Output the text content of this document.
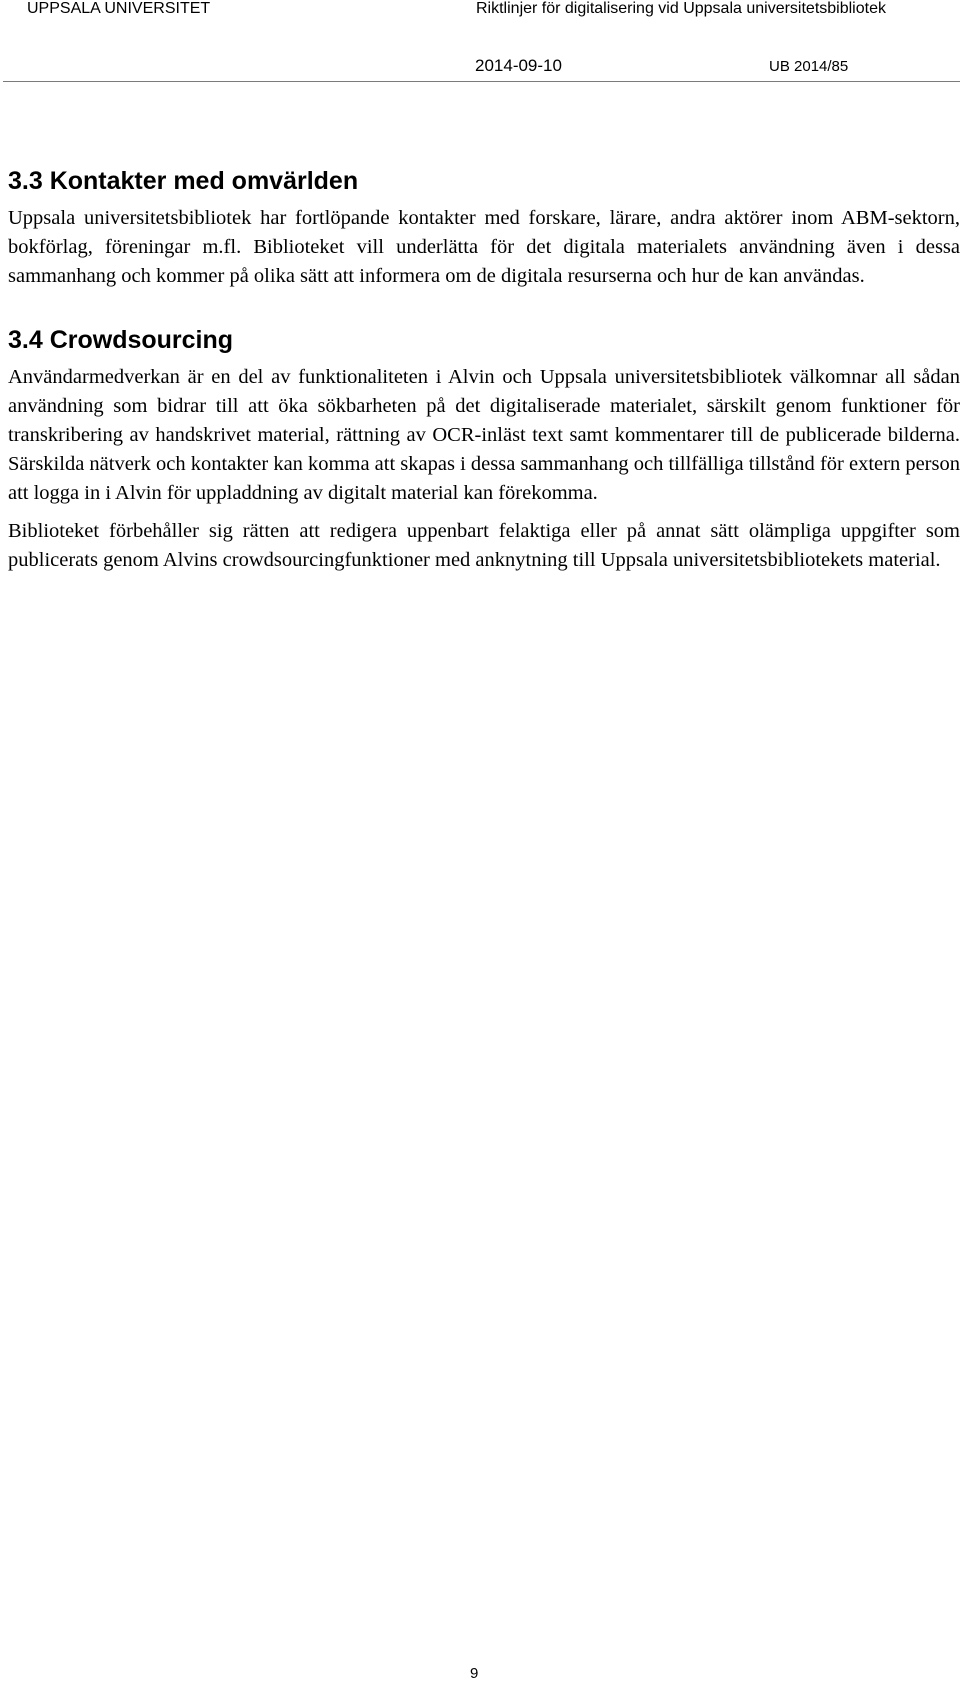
UPPSALA UNIVERSITET	Riktlinjer för digitalisering vid Uppsala universitetsbibliotek
2014-09-10	UB 2014/85
3.3 Kontakter med omvärlden

Uppsala universitetsbibliotek har fortlöpande kontakter med forskare, lärare, andra aktörer inom ABM-sektorn, bokförlag, föreningar m.fl. Biblioteket vill underlätta för det digitala materialets användning även i dessa sammanhang och kommer på olika sätt att informera om de digitala resurserna och hur de kan användas.

3.4 Crowdsourcing

Användarmedverkan är en del av funktionaliteten i Alvin och Uppsala universitetsbibliotek välkomnar all sådan användning som bidrar till att öka sökbarheten på det digitaliserade materialet, särskilt genom funktioner för transkribering av handskrivet material, rättning av OCR-inläst text samt kommentarer till de publicerade bilderna. Särskilda nätverk och kontakter kan komma att skapas i dessa sammanhang och tillfälliga tillstånd för extern person att logga in i Alvin för uppladdning av digitalt material kan förekomma.

Biblioteket förbehåller sig rätten att redigera uppenbart felaktiga eller på annat sätt olämpliga uppgifter som publicerats genom Alvins crowdsourcingfunktioner med anknytning till Uppsala universitetsbibliotekets material.

9
